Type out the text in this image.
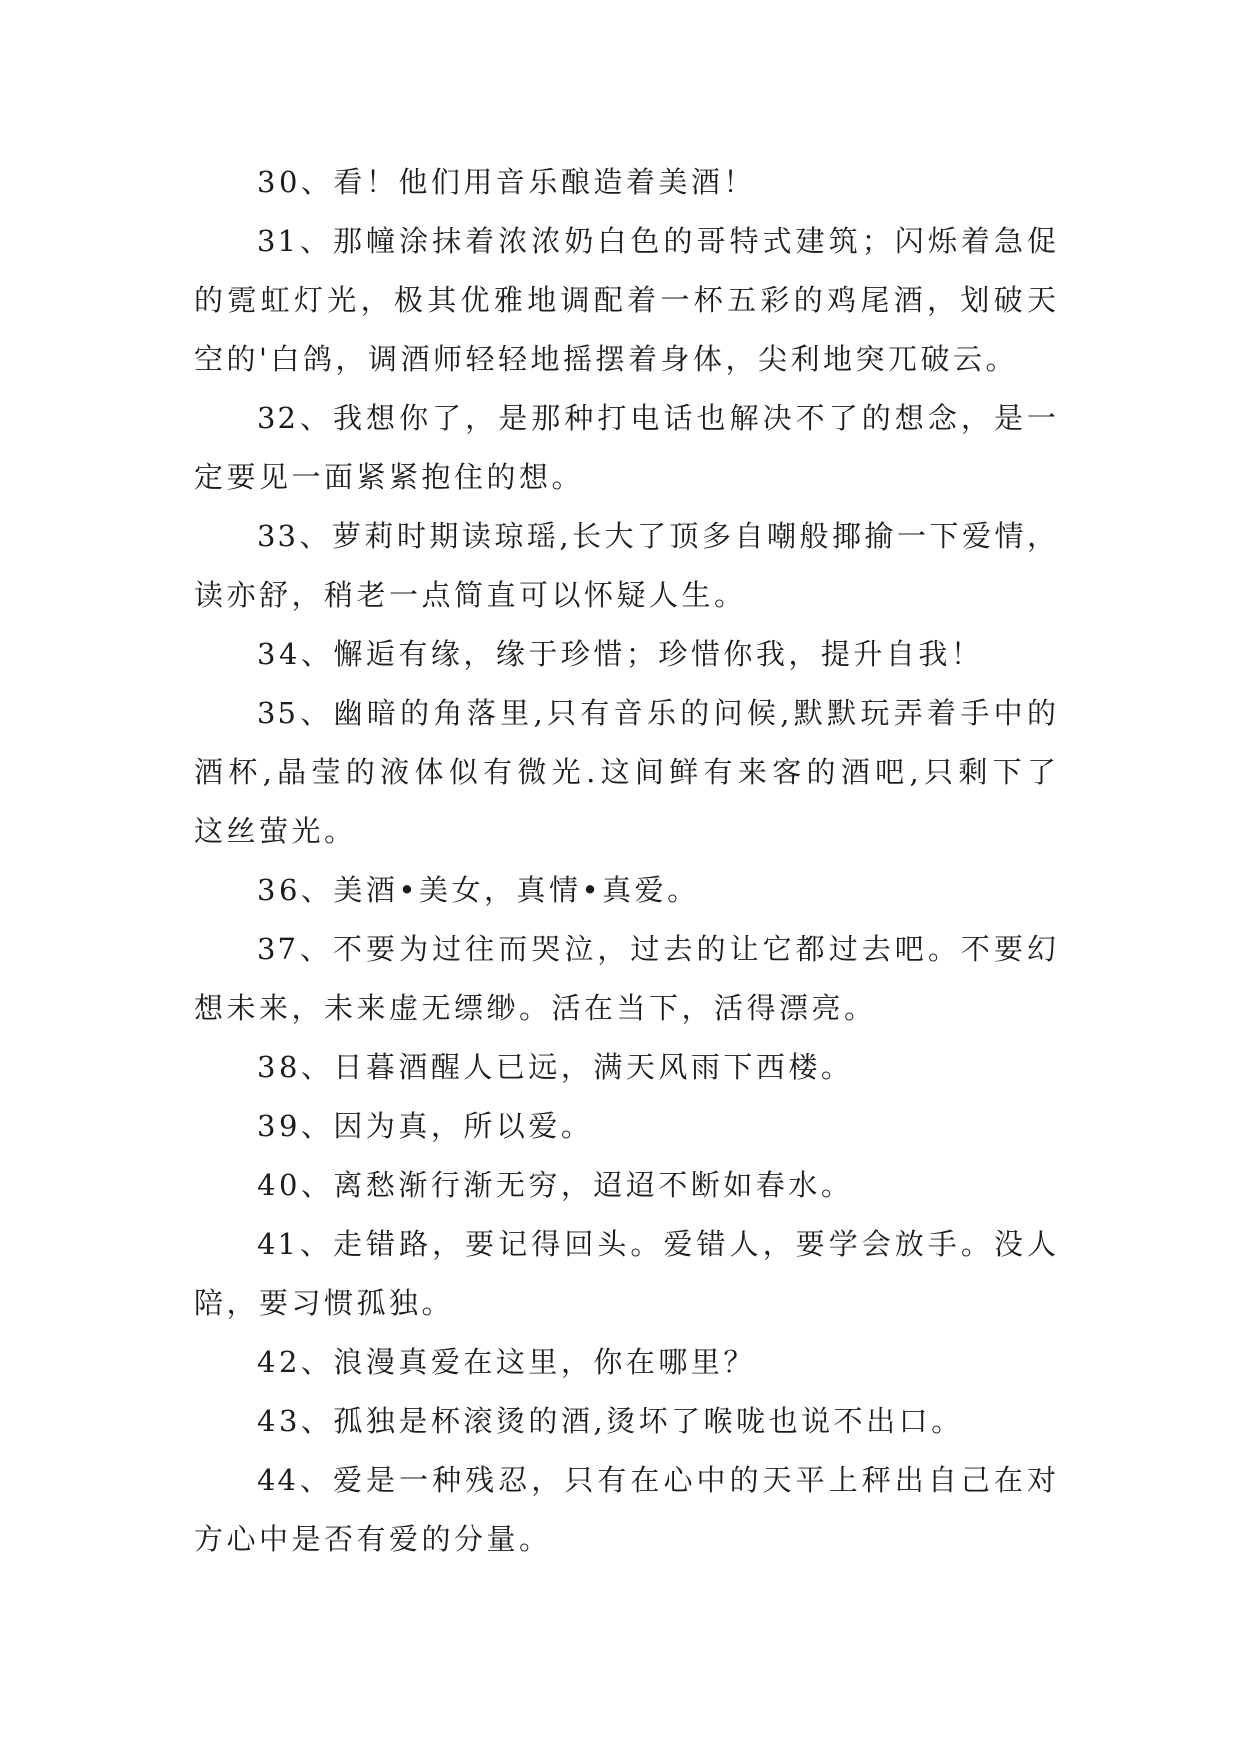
30、看！他们用音乐酿造着美酒！
31、那幢涂抹着浓浓奶白色的哥特式建筑；闪烁着急促
的霓虹灯光，极其优雅地调配着一杯五彩的鸡尾酒，划破天
空的'白鸽，调酒师轻轻地摇摆着身体，尖利地突兀破云。
32、我想你了，是那种打电话也解决不了的想念，是一
定要见一面紧紧抱住的想。
33、萝莉时期读琼瑶,长大了顶多自嘲般揶揄一下爱情，
读亦舒，稍老一点简直可以怀疑人生。
34、懈逅有缘，缘于珍惜；珍惜你我，提升自我！
35、幽暗的角落里,只有音乐的问候,默默玩弄着手中的
酒杯,晶莹的液体似有微光.这间鲜有来客的酒吧,只剩下了
这丝萤光。
36、美酒•美女，真情•真爱。
37、不要为过往而哭泣，过去的让它都过去吧。不要幻
想未来，未来虚无缥缈。活在当下，活得漂亮。
38、日暮酒醒人已远，满天风雨下西楼。
39、因为真，所以爱。
40、离愁渐行渐无穷，迢迢不断如春水。
41、走错路，要记得回头。爱错人，要学会放手。没人
陪，要习惯孤独。
42、浪漫真爱在这里，你在哪里？
43、孤独是杯滚烫的酒,烫坏了喉咙也说不出口。
44、爱是一种残忍，只有在心中的天平上秤出自己在对
方心中是否有爱的分量。
